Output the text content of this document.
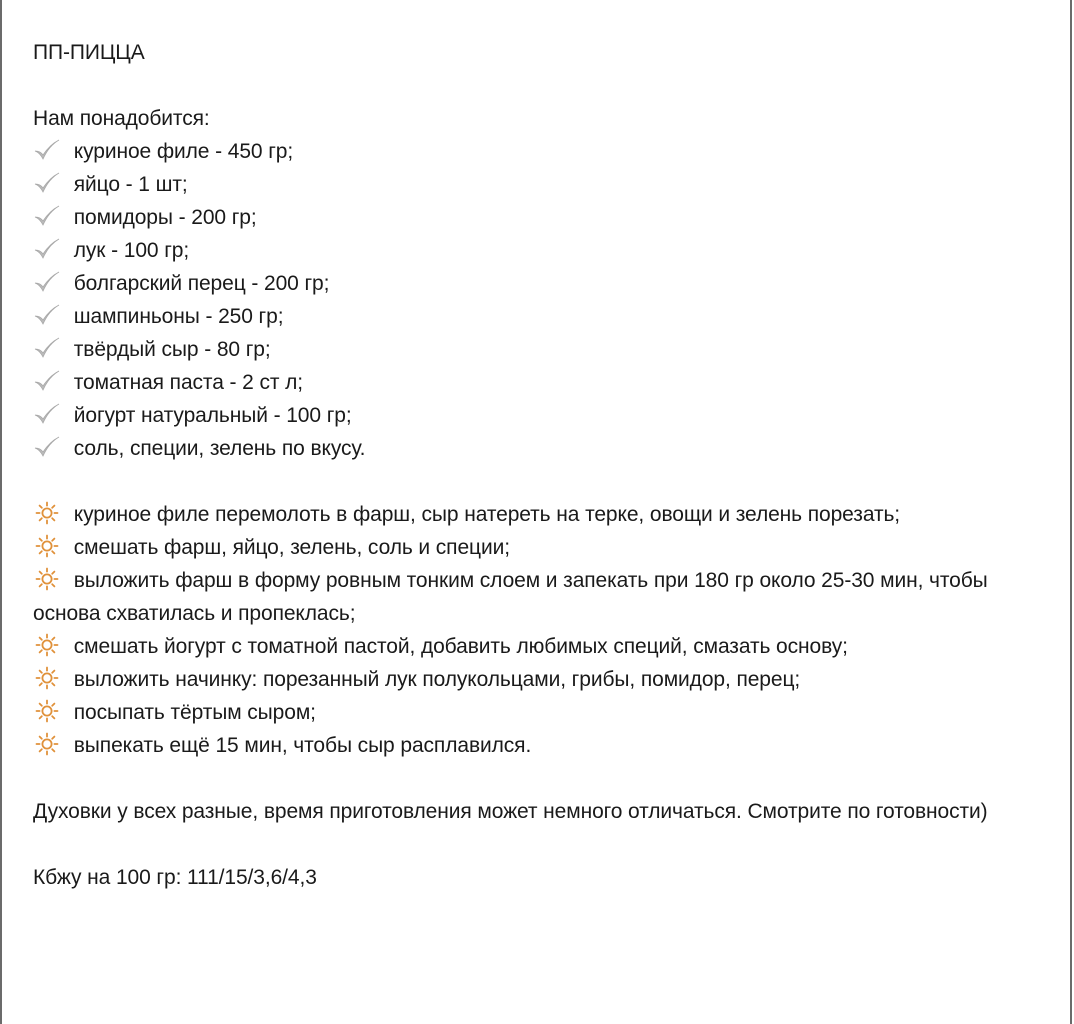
ПП-ПИЦЦА
Нам понадобится:
куриное филе - 450 гр;
яйцо - 1 шт;
помидоры - 200 гр;
лук - 100 гр;
болгарский перец - 200 гр;
шампиньоны - 250 гр;
твёрдый сыр - 80 гр;
томатная паста - 2 ст л;
йогурт натуральный - 100 гр;
соль, специи, зелень по вкусу.
куриное филе перемолоть в фарш, сыр натереть на терке, овощи и зелень порезать;
смешать фарш, яйцо, зелень, соль и специи;
выложить фарш в форму ровным тонким слоем и запекать при 180 гр около 25-30 мин, чтобы основа схватилась и пропеклась;
смешать йогурт с томатной пастой, добавить любимых специй, смазать основу;
выложить начинку: порезанный лук полукольцами, грибы, помидор, перец;
посыпать тёртым сыром;
выпекать ещё 15 мин, чтобы сыр расплавился.
Духовки у всех разные, время приготовления может немного отличаться. Смотрите по готовности)
Кбжу на 100 гр: 111/15/3,6/4,3
